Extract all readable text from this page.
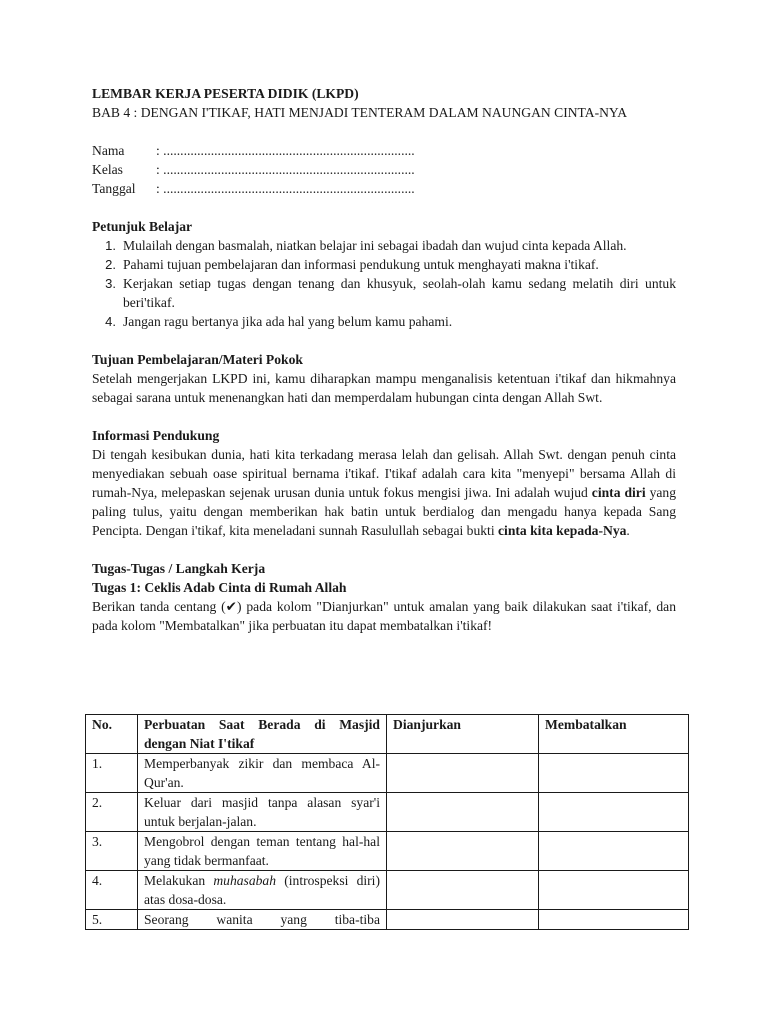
LEMBAR KERJA PESERTA DIDIK (LKPD)

BAB 4 : DENGAN I'TIKAF, HATI MENJADI TENTERAM DALAM NAUNGAN CINTA-NYA

Nama	: ..........................................................................
Kelas	: ..........................................................................
Tanggal	: ..........................................................................

Petunjuk Belajar

1. Mulailah dengan basmalah, niatkan belajar ini sebagai ibadah dan wujud cinta kepada Allah.
2. Pahami tujuan pembelajaran dan informasi pendukung untuk menghayati makna i'tikaf.
3. Kerjakan setiap tugas dengan tenang dan khusyuk, seolah-olah kamu sedang melatih diri untuk beri'tikaf.
4. Jangan ragu bertanya jika ada hal yang belum kamu pahami.

Tujuan Pembelajaran/Materi Pokok

Setelah mengerjakan LKPD ini, kamu diharapkan mampu menganalisis ketentuan i'tikaf dan hikmahnya sebagai sarana untuk menenangkan hati dan memperdalam hubungan cinta dengan Allah Swt.

Informasi Pendukung

Di tengah kesibukan dunia, hati kita terkadang merasa lelah dan gelisah. Allah Swt. dengan penuh cinta menyediakan sebuah oase spiritual bernama i'tikaf. I'tikaf adalah cara kita "menyepi" bersama Allah di rumah-Nya, melepaskan sejenak urusan dunia untuk fokus mengisi jiwa. Ini adalah wujud cinta diri yang paling tulus, yaitu dengan memberikan hak batin untuk berdialog dan mengadu hanya kepada Sang Pencipta. Dengan i'tikaf, kita meneladani sunnah Rasulullah sebagai bukti cinta kita kepada-Nya.

Tugas-Tugas / Langkah Kerja

Tugas 1: Ceklis Adab Cinta di Rumah Allah

Berikan tanda centang (✔) pada kolom "Dianjurkan" untuk amalan yang baik dilakukan saat i'tikaf, dan pada kolom "Membatalkan" jika perbuatan itu dapat membatalkan i'tikaf!

No.	Perbuatan Saat Berada di Masjid dengan Niat I'tikaf	Dianjurkan	Membatalkan
1.	Memperbanyak zikir dan membaca Al-Qur'an.		
2.	Keluar dari masjid tanpa alasan syar'i untuk berjalan-jalan.		
3.	Mengobrol dengan teman tentang hal-hal yang tidak bermanfaat.		
4.	Melakukan muhasabah (introspeksi diri) atas dosa-dosa.		
5.	Seorang wanita yang tiba-tiba		
